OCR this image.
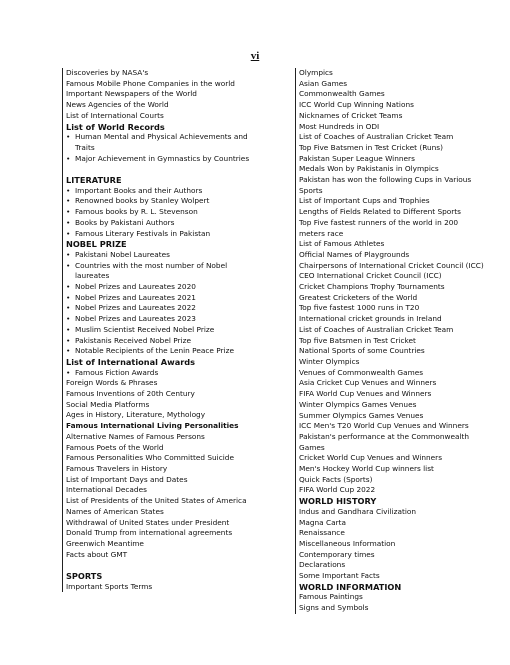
vi
Discoveries by NASA's
Famous Mobile Phone Companies in the world
Important Newspapers of the World
News Agencies of the World
List of International Courts
List of World Records
• Human Mental and Physical Achievements and
Traits
• Major Achievement in Gymnastics by Countries
LITERATURE
• Important Books and their Authors
• Renowned books by Stanley Wolpert
• Famous books by R. L. Stevenson
• Books by Pakistani Authors
• Famous Literary Festivals in Pakistan
NOBEL PRIZE
• Pakistani Nobel Laureates
• Countries with the most number of Nobel
laureates
• Nobel Prizes and Laureates 2020
• Nobel Prizes and Laureates 2021
• Nobel Prizes and Laureates 2022
• Nobel Prizes and Laureates 2023
• Muslim Scientist Received Nobel Prize
• Pakistanis Received Nobel Prize
• Notable Recipients of the Lenin Peace Prize
List of International Awards
• Famous Fiction Awards
Foreign Words & Phrases
Famous Inventions of 20th Century
Social Media Platforms
Ages in History, Literature, Mythology
Famous International Living Personalities
Alternative Names of Famous Persons
Famous Poets of the World
Famous Personalities Who Committed Suicide
Famous Travelers in History
List of Important Days and Dates
International Decades
List of Presidents of the United States of America
Names of American States
Withdrawal of United States under President
Donald Trump from international agreements
Greenwich Meantime
Facts about GMT
SPORTS
Important Sports Terms
Olympics
Asian Games
Commonwealth Games
ICC World Cup Winning Nations
Nicknames of Cricket Teams
Most Hundreds in ODI
List of Coaches of Australian Cricket Team
Top Five Batsmen in Test Cricket (Runs)
Pakistan Super League Winners
Medals Won by Pakistanis in Olympics
Pakistan has won the following Cups in Various
Sports
List of Important Cups and Trophies
Lengths of Fields Related to Different Sports
Top Five fastest runners of the world in 200
meters race
List of Famous Athletes
Official Names of Playgrounds
Chairpersons of International Cricket Council (ICC)
CEO International Cricket Council (ICC)
Cricket Champions Trophy Tournaments
Greatest Cricketers of the World
Top five fastest 1000 runs in T20
International cricket grounds in Ireland
List of Coaches of Australian Cricket Team
Top five Batsmen in Test Cricket
National Sports of some Countries
Winter Olympics
Venues of Commonwealth Games
Asia Cricket Cup Venues and Winners
FIFA World Cup Venues and Winners
Winter Olympics Games Venues
Summer Olympics Games Venues
ICC Men's T20 World Cup Venues and Winners
Pakistan's performance at the Commonwealth
Games
Cricket World Cup Venues and Winners
Men's Hockey World Cup winners list
Quick Facts (Sports)
FIFA World Cup 2022
WORLD HISTORY
Indus and Gandhara Civilization
Magna Carta
Renaissance
Miscellaneous Information
Contemporary times
Declarations
Some Important Facts
WORLD INFORMATION
Famous Paintings
Signs and Symbols
